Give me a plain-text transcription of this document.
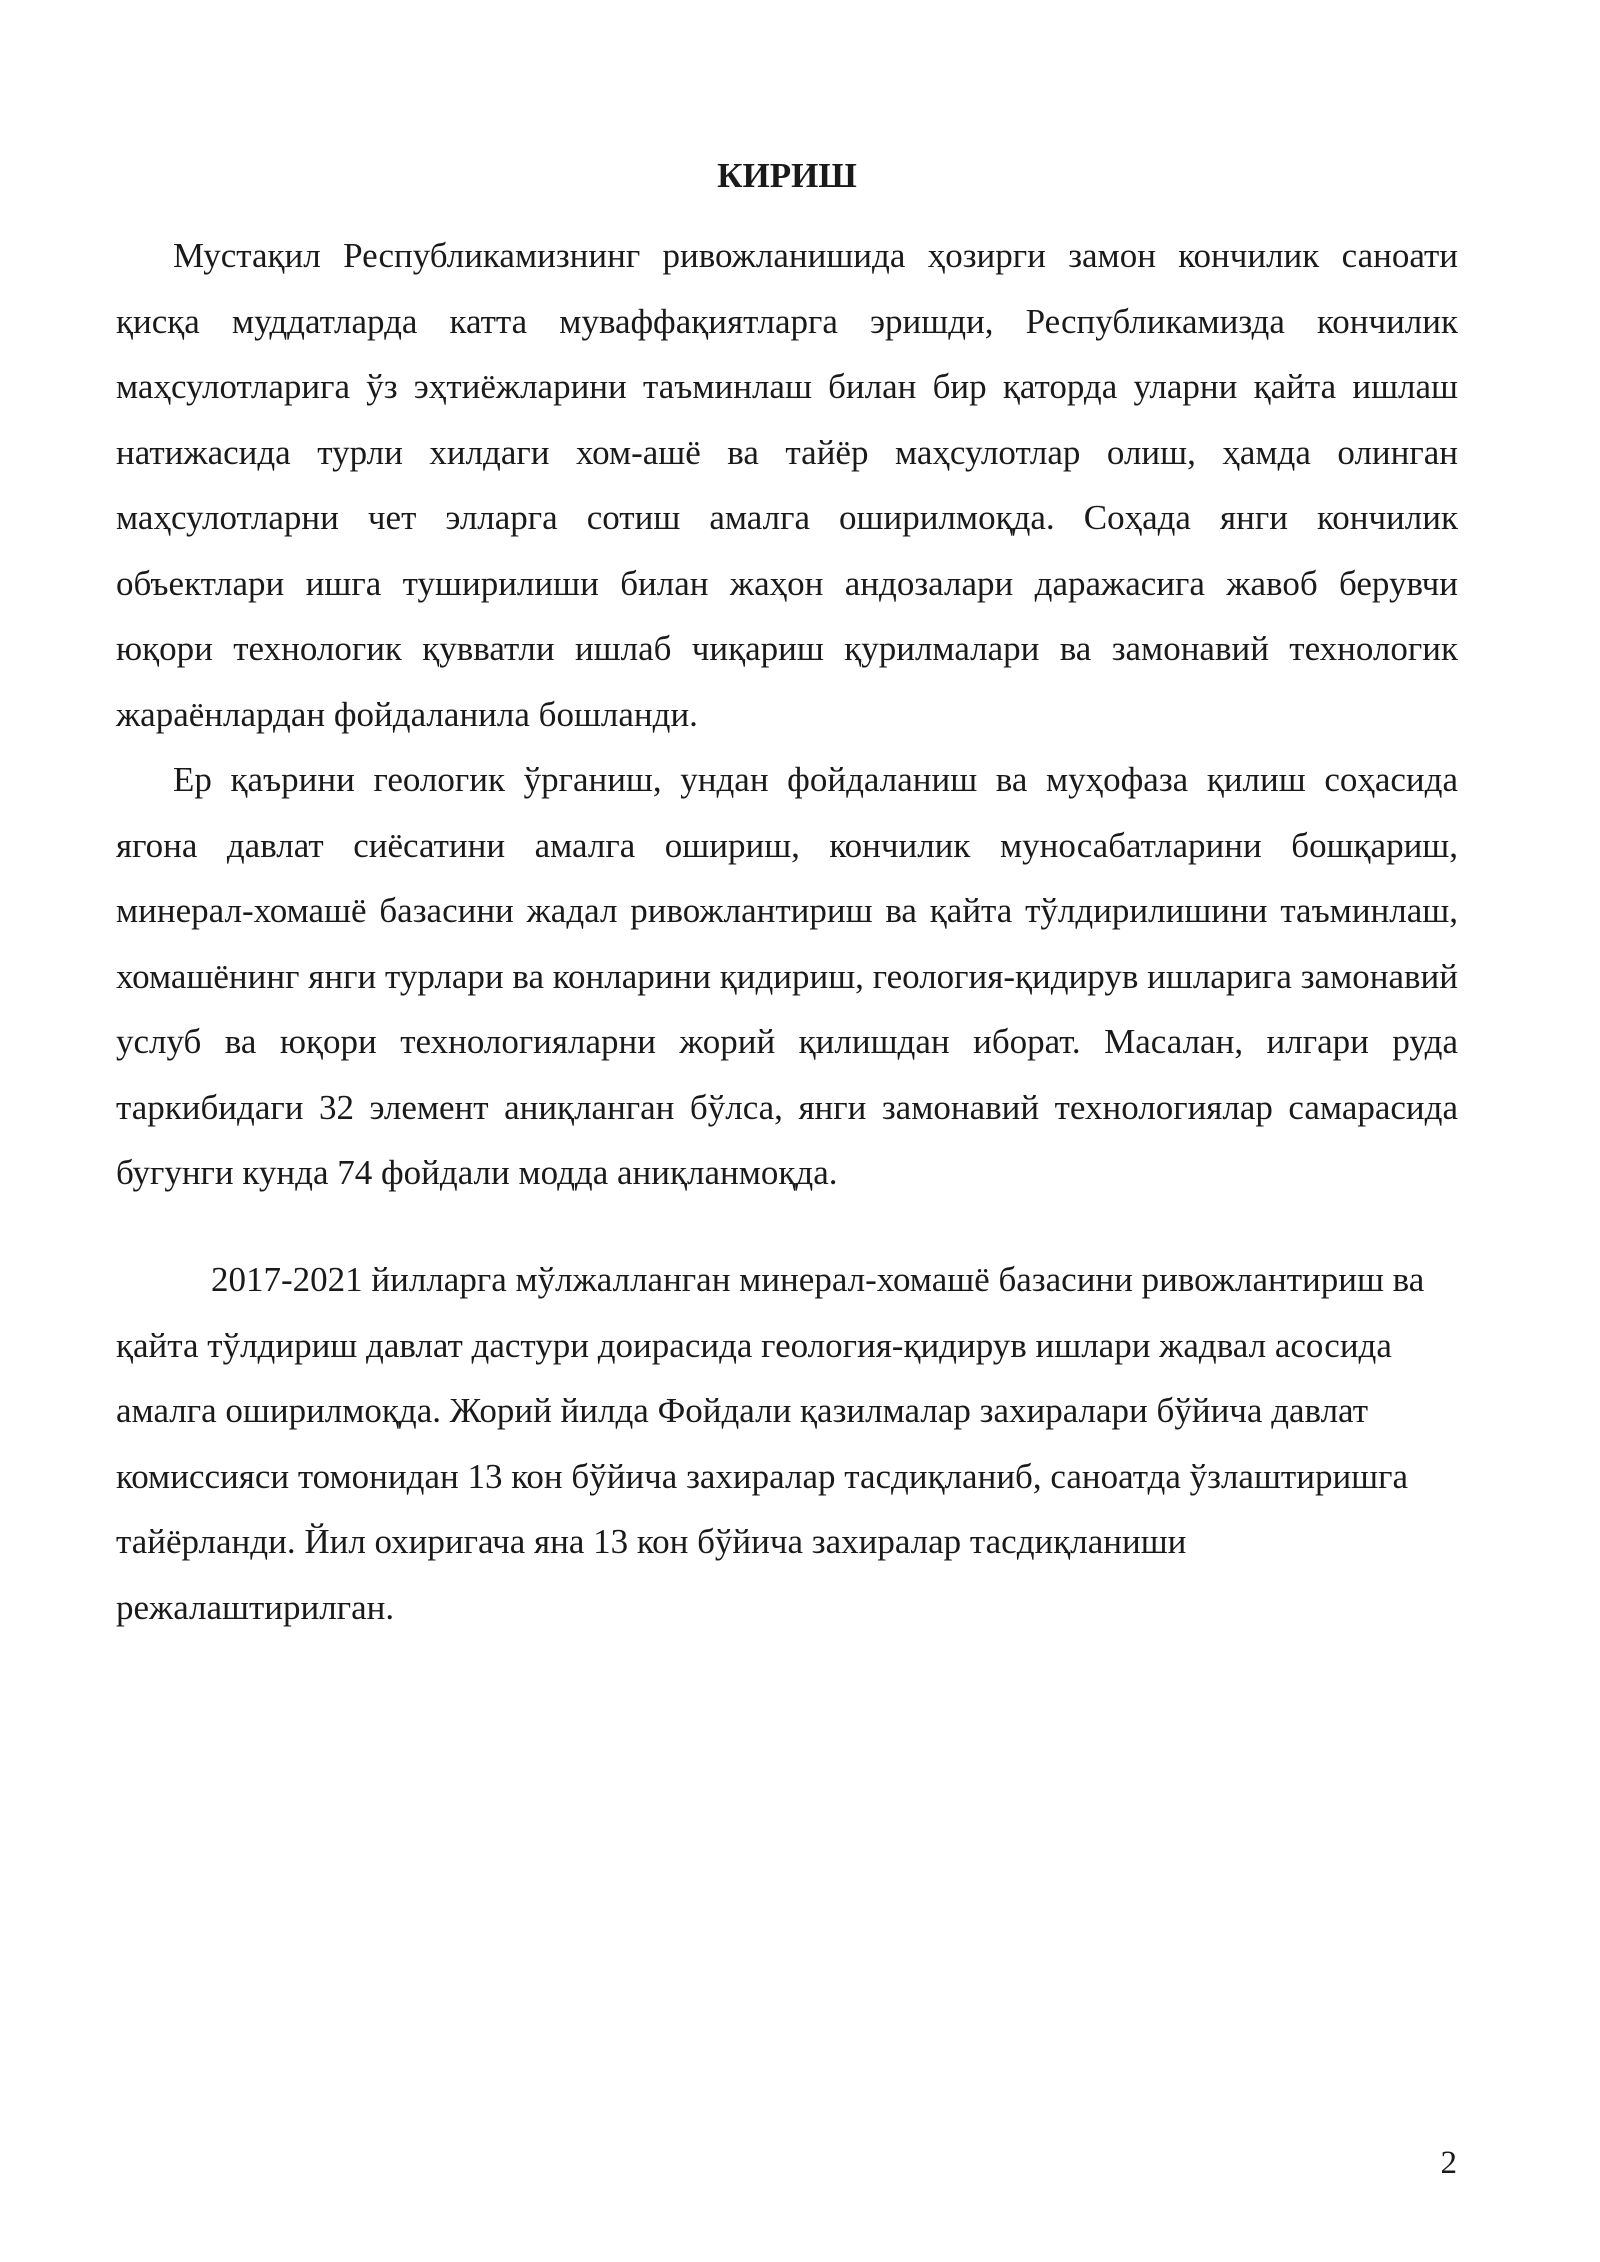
КИРИШ

Мустақил Республикамизнинг ривожланишида ҳозирги замон кончилик саноати қисқа муддатларда катта муваффақиятларга эришди, Республикамизда кончилик маҳсулотларига ўз эҳтиёжларини таъминлаш билан бир қаторда уларни қайта ишлаш натижасида турли хилдаги хом-ашё ва тайёр маҳсулотлар олиш, ҳамда олинган маҳсулотларни чет элларга сотиш амалга оширилмоқда. Соҳада янги кончилик объектлари ишга туширилиши билан жаҳон андозалари даражасига жавоб берувчи юқори технологик қувватли ишлаб чиқариш қурилмалари ва замонавий технологик жараёнлардан фойдаланила бошланди.

Ер қаърини геологик ўрганиш, ундан фойдаланиш ва муҳофаза қилиш соҳасида ягона давлат сиёсатини амалга ошириш, кончилик муносабатларини бошқариш, минерал-хомашё базасини жадал ривожлантириш ва қайта тўлдирилишини таъминлаш, хомашёнинг янги турлари ва конларини қидириш, геология-қидирув ишларига замонавий услуб ва юқори технологияларни жорий қилишдан иборат. Масалан, илгари руда таркибидаги 32 элемент аниқланган бўлса, янги замонавий технологиялар самарасида бугунги кунда 74 фойдали модда аниқланмоқда.

2017-2021 йилларга мўлжалланган минерал-хомашё базасини ривожлантириш ва қайта тўлдириш давлат дастури доирасида геология-қидирув ишлари жадвал асосида амалга оширилмоқда. Жорий йилда Фойдали қазилмалар захиралари бўйича давлат комиссияси томонидан 13 кон бўйича захиралар тасдиқланиб, саноатда ўзлаштиришга тайёрланди. Йил охиригача яна 13 кон бўйича захиралар тасдиқланиши режалаштирилган.

2
